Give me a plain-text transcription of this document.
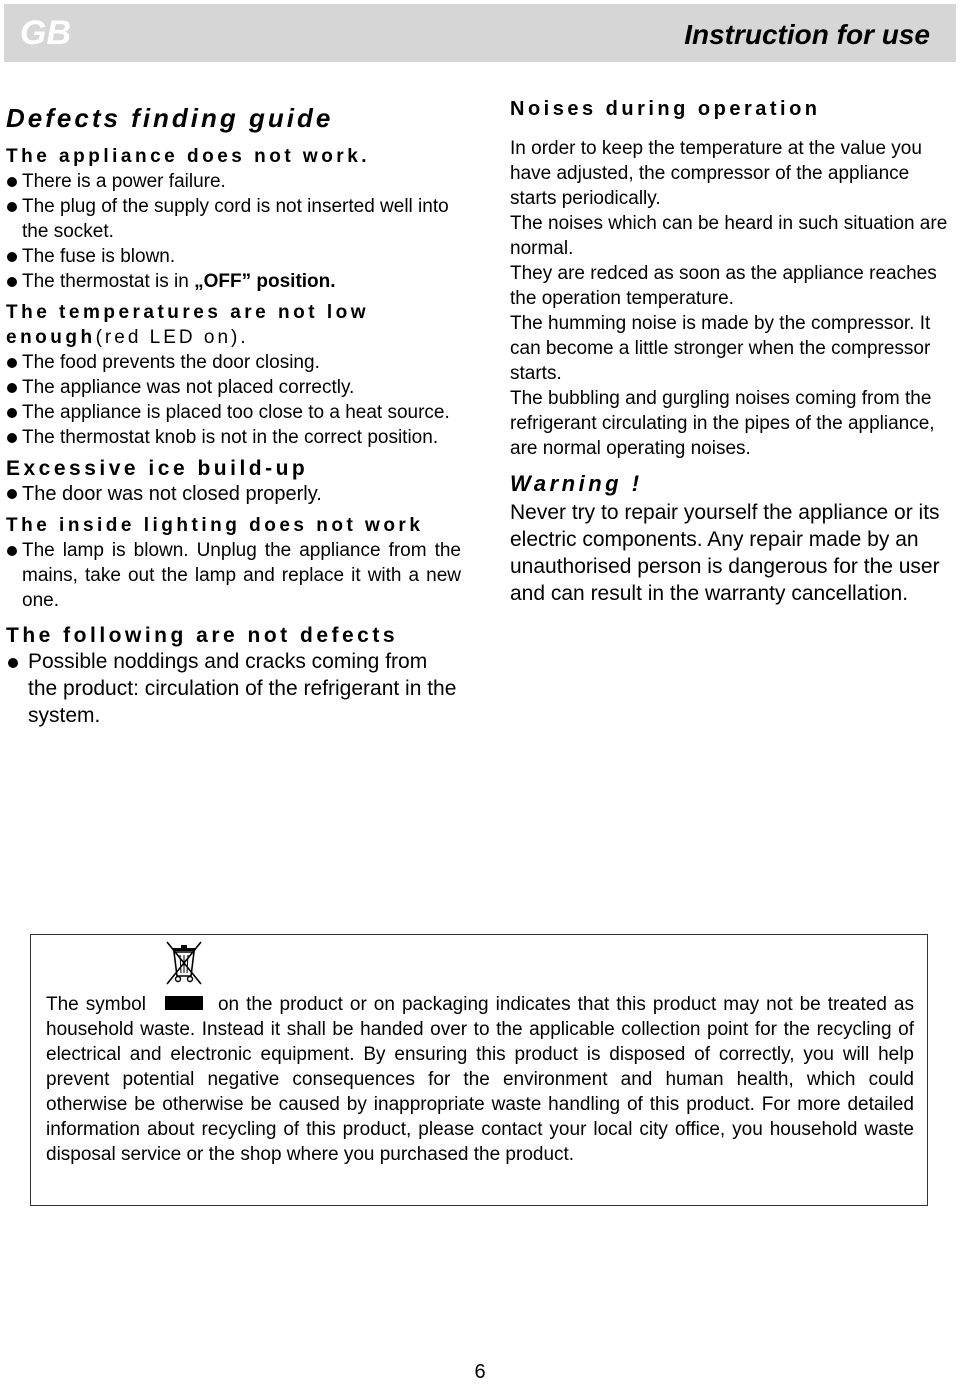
GB	Instruction for use
Defects finding guide
The appliance does not work.
There is a power failure.
The plug of the supply cord is not inserted well into the socket.
The fuse is blown.
The thermostat is in „OFF” position.
The temperatures are not low enough(red LED on).
The food prevents the door closing.
The appliance was not placed correctly.
The appliance is placed too close to a heat source.
The thermostat knob is not in the correct position.
Excessive ice build-up
The door was not closed properly.
The inside lighting does not work
The lamp is blown. Unplug the appliance from the mains, take out the lamp and replace it with a new one.
The following are not defects
Possible noddings and cracks coming from the product: circulation of the refrigerant in the system.
Noises during operation

In order to keep the temperature at the value you have adjusted, the compressor of the appliance starts periodically.

The noises which can be heard in such situation are normal.

They are redced as soon as the appliance reaches the operation temperature.

The humming noise is made by the compressor. It can become a little stronger when the compressor starts.

The bubbling and gurgling noises coming from the refrigerant circulating in the pipes of the appliance, are normal operating noises.

Warning !

Never try to repair yourself the appliance or its electric components. Any repair made by an unauthorised person is dangerous for the user and can result in the warranty cancellation.

The symbol	on the product or on packaging indicates that this product may not be treated as household waste. Instead it shall be handed over to the applicable collection point for the recycling of electrical and electronic equipment. By ensuring this product is disposed of correctly, you will help prevent potential negative consequences for the environment and human health, which could otherwise be otherwise be caused by inappropriate waste handling of this product. For more detailed information about recycling of this product, please contact your local city office, you household waste disposal service or the shop where you purchased the product.

6
